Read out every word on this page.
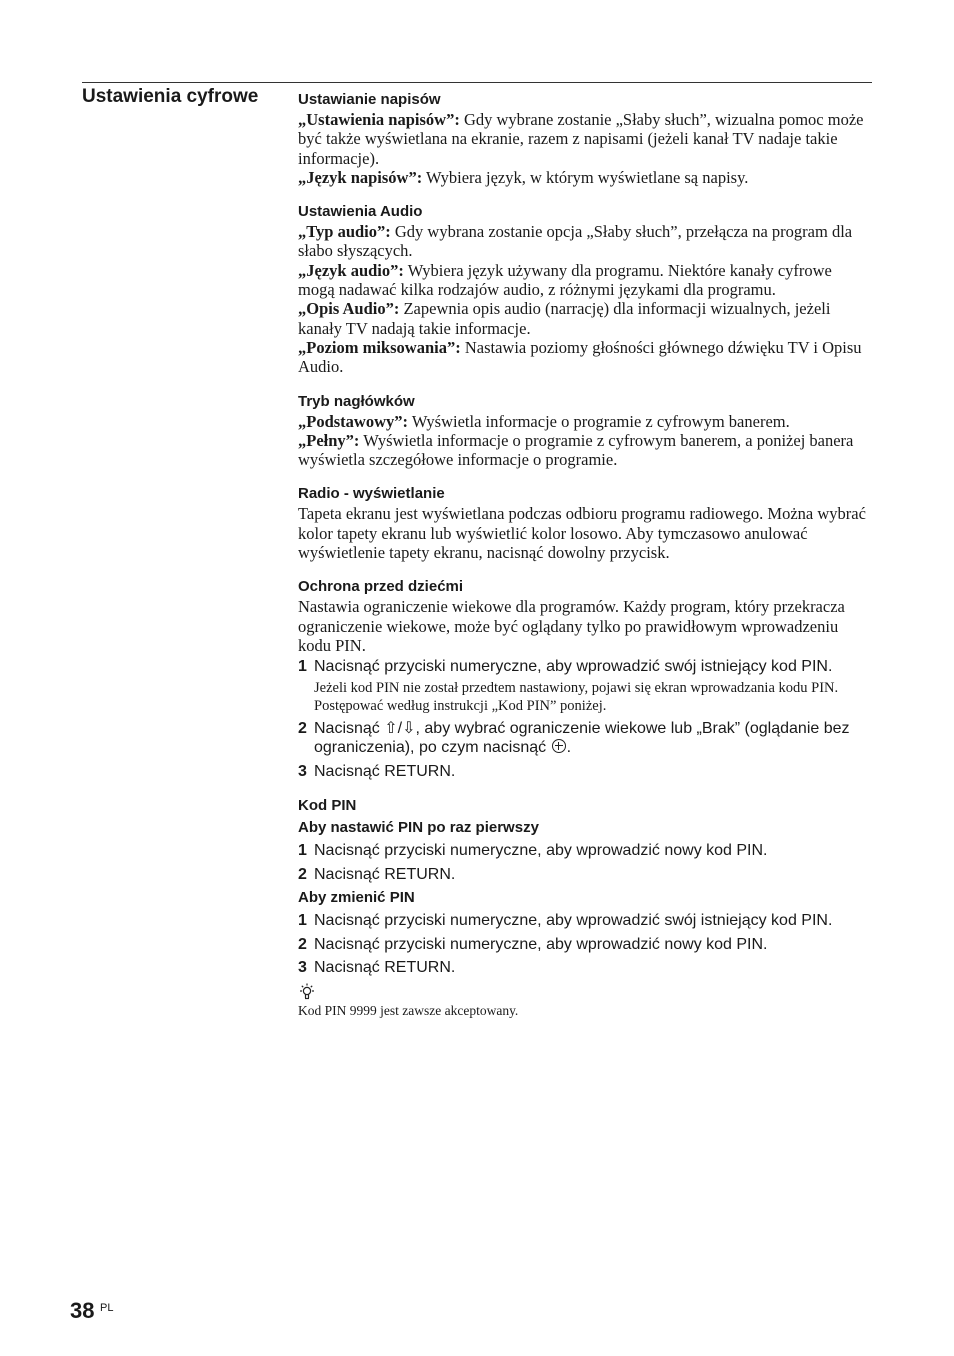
Ustawienia cyfrowe	Ustawianie napisów

„Ustawienia napisów”: Gdy wybrane zostanie „Słaby słuch”, wizualna pomoc może być także wyświetlana na ekranie, razem z napisami (jeżeli kanał TV nadaje takie informacje).

„Język napisów”: Wybiera język, w którym wyświetlane są napisy.

Ustawienia Audio

„Typ audio”: Gdy wybrana zostanie opcja „Słaby słuch”, przełącza na program dla słabo słyszących.

„Język audio”: Wybiera język używany dla programu. Niektóre kanały cyfrowe mogą nadawać kilka rodzajów audio, z różnymi językami dla programu.

„Opis Audio”: Zapewnia opis audio (narrację) dla informacji wizualnych, jeżeli kanały TV nadają takie informacje.

„Poziom miksowania”: Nastawia poziomy głośności głównego dźwięku TV i Opisu Audio.

Tryb nagłówków

„Podstawowy”: Wyświetla informacje o programie z cyfrowym banerem.

„Pełny”: Wyświetla informacje o programie z cyfrowym banerem, a poniżej banera wyświetla szczegółowe informacje o programie.

Radio - wyświetlanie

Tapeta ekranu jest wyświetlana podczas odbioru programu radiowego. Można wybrać kolor tapety ekranu lub wyświetlić kolor losowo. Aby tymczasowo anulować wyświetlenie tapety ekranu, nacisnąć dowolny przycisk.

Ochrona przed dziećmi

Nastawia ograniczenie wiekowe dla programów. Każdy program, który przekracza ograniczenie wiekowe, może być oglądany tylko po prawidłowym wprowadzeniu kodu PIN.

1 Nacisnąć przyciski numeryczne, aby wprowadzić swój istniejący kod PIN.

Jeżeli kod PIN nie został przedtem nastawiony, pojawi się ekran wprowadzania kodu PIN. Postępować według instrukcji „Kod PIN” poniżej.

2 Nacisnąć ⇧/⇩, aby wybrać ograniczenie wiekowe lub „Brak” (oglądanie bez ograniczenia), po czym nacisnąć .
3 Nacisnąć RETURN.
Kod PIN
Aby nastawić PIN po raz pierwszy
1 Nacisnąć przyciski numeryczne, aby wprowadzić nowy kod PIN.
2 Nacisnąć RETURN.
Aby zmienić PIN
1 Nacisnąć przyciski numeryczne, aby wprowadzić swój istniejący kod PIN.
2 Nacisnąć przyciski numeryczne, aby wprowadzić nowy kod PIN.
3 Nacisnąć RETURN.

Kod PIN 9999 jest zawsze akceptowany.

38 PL
